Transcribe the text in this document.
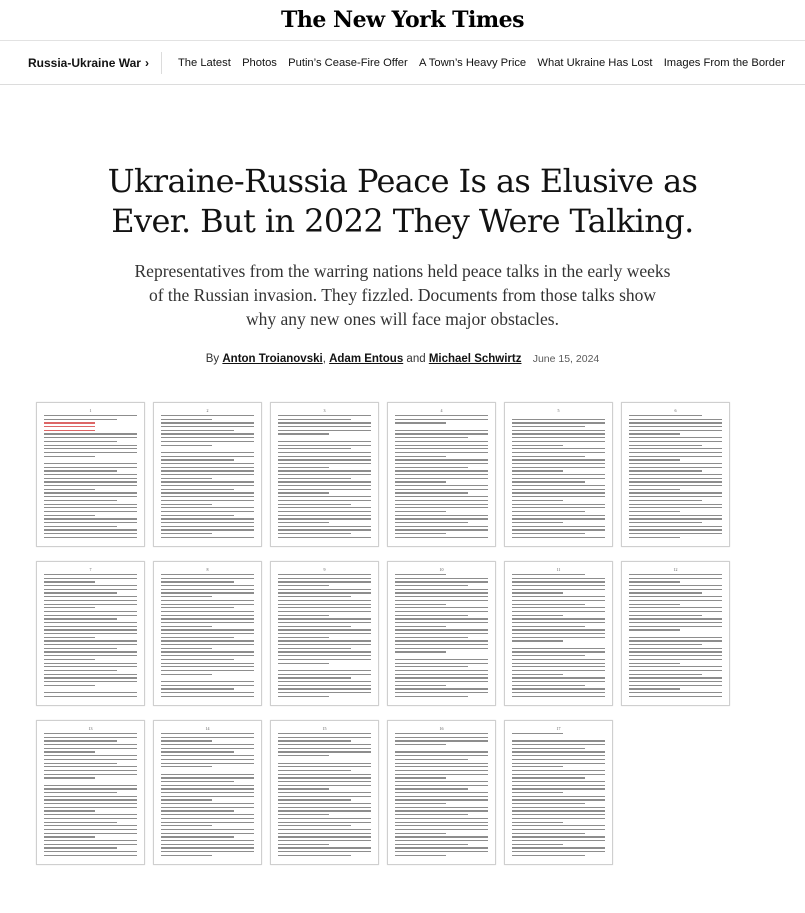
The New York Times
Russia-Ukraine War ›	The Latest Photos Putin’s Cease-Fire Offer A Town’s Heavy Price What Ukraine Has Lost Images From the Border
Ukraine-Russia Peace Is as Elusive as Ever. But in 2022 They Were Talking.

Representatives from the warring nations held peace talks in the early weeks of the Russian invasion. They fizzled. Documents from those talks show why any new ones will face major obstacles.

By Anton Troianovski, Adam Entous and Michael Schwirtz June 15, 2024

1	2	3	4	5	6
7	8	9	10	11	12
13	14	15	16	17
